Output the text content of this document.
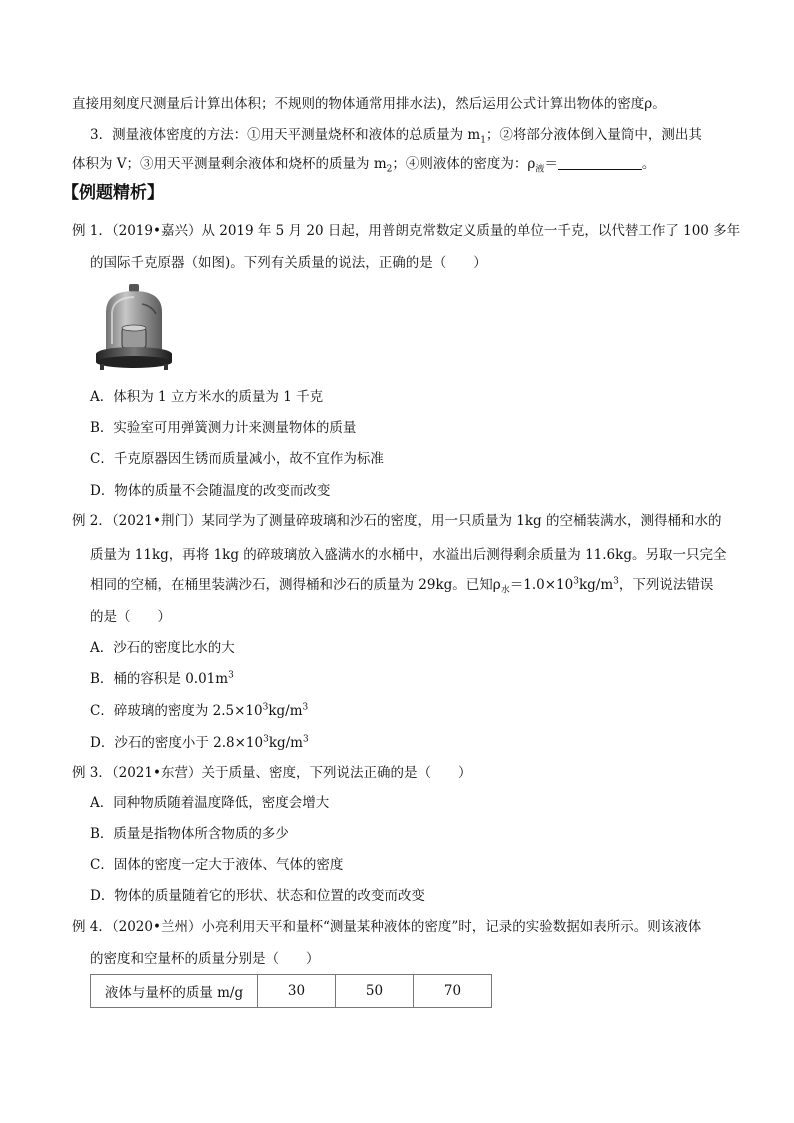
直接用刻度尺测量后计算出体积；不规则的物体通常用排水法)，然后运用公式计算出物体的密度ρ。
3．测量液体密度的方法：①用天平测量烧杯和液体的总质量为 $m_1$；②将部分液体倒入量筒中，测出其
体积为 V；③用天平测量剩余液体和烧杯的质量为 $m_2$；④则液体的密度为：$\rho_液=$	。
【例题精析】
例 1．（2019•嘉兴）从 2019 年 5 月 20 日起，用普朗克常数定义质量的单位一千克，以代替工作了 100 多年
的国际千克原器（如图)。下列有关质量的说法，正确的是（　　）
A．体积为 1 立方米水的质量为 1 千克
B．实验室可用弹簧测力计来测量物体的质量
C．千克原器因生锈而质量减小，故不宜作为标准
D．物体的质量不会随温度的改变而改变
例 2．（2021•荆门）某同学为了测量碎玻璃和沙石的密度，用一只质量为 1kg 的空桶装满水，测得桶和水的
质量为 11kg，再将 1kg 的碎玻璃放入盛满水的水桶中，水溢出后测得剩余质量为 11.6kg。另取一只完全
相同的空桶，在桶里装满沙石，测得桶和沙石的质量为 29kg。已知$\rho_水=1.0\times 10^3kg/m^3$，下列说法错误
的是（　　）
A．沙石的密度比水的大
B．桶的容积是 $0.01m^3$
C．碎玻璃的密度为 $2.5\times 10^3kg/m^3$
D．沙石的密度小于 $2.8\times 10^3kg/m^3$
例 3．（2021•东营）关于质量、密度，下列说法正确的是（　　）
A．同种物质随着温度降低，密度会增大
B．质量是指物体所含物质的多少
C．固体的密度一定大于液体、气体的密度
D．物体的质量随着它的形状、状态和位置的改变而改变
例 4．（2020•兰州）小亮利用天平和量杯“测量某种液体的密度”时，记录的实验数据如表所示。则该液体
的密度和空量杯的质量分别是（　　）
液体与量杯的质量 m/g	30	50	70
